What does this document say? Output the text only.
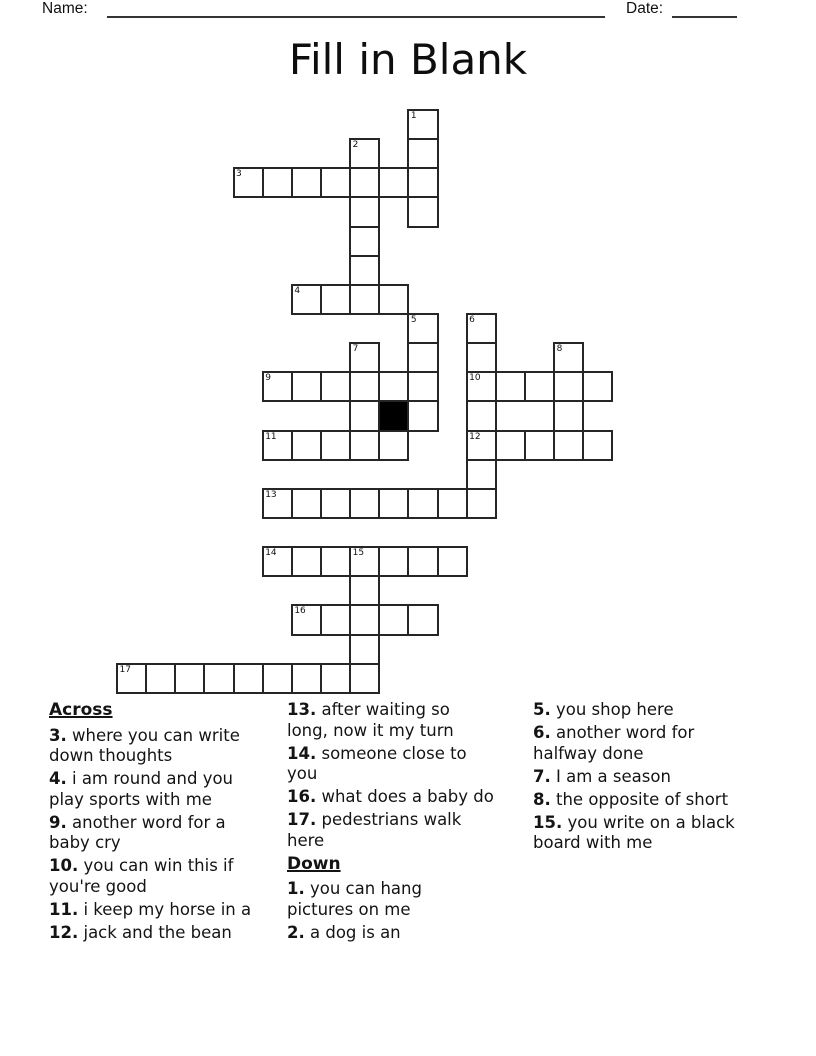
Name:	Date:
Fill in Blank
1
2
3
4
5	6
10
12
7	8
9
11
13
14	15
16
17
Across

3. where you can write
down thoughts

4. i am round and you
play sports with me

9. another word for a
baby cry

10. you can win this if
you're good

11. i keep my horse in a

12. jack and the bean

13. after waiting so
long, now it my turn

14. someone close to
you

16. what does a baby do

17. pedestrians walk
here

Down

1. you can hang
pictures on me

2. a dog is an

5. you shop here

6. another word for
halfway done

7. I am a season

8. the opposite of short

15. you write on a black
board with me
